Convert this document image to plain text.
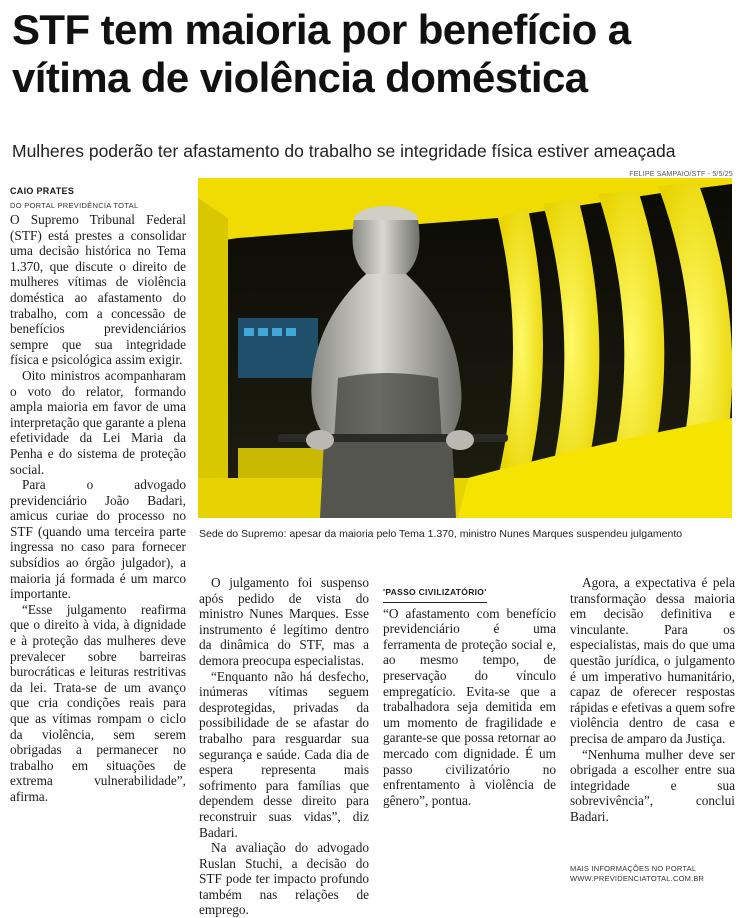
STF tem maioria por benefício a vítima de violência doméstica

Mulheres poderão ter afastamento do trabalho se integridade física estiver ameaçada

CAIO PRATES
DO PORTAL PREVIDÊNCIA TOTAL
FELIPE SAMPAIO/STF - 5/5/25

O Supremo Tribunal Federal (STF) está prestes a consolidar uma decisão histórica no Tema 1.370, que discute o direito de mulheres vítimas de violência doméstica ao afastamento do trabalho, com a concessão de benefícios previdenciários sempre que sua integridade física e psicológica assim exigir.

Oito ministros acompanharam o voto do relator, formando ampla maioria em favor de uma interpretação que garante a plena efetividade da Lei Maria da Penha e do sistema de proteção social.

Para o advogado previdenciário João Badari, amicus curiae do processo no STF (quando uma terceira parte ingressa no caso para fornecer subsídios ao órgão julgador), a maioria já formada é um marco importante.

“Esse julgamento reafirma que o direito à vida, à dignidade e à proteção das mulheres deve prevalecer sobre barreiras burocráticas e leituras restritivas da lei. Trata-se de um avanço que cria condições reais para que as vítimas rompam o ciclo da violência, sem serem obrigadas a permanecer no trabalho em situações de extrema vulnerabilidade”, afirma.

Sede do Supremo: apesar da maioria pelo Tema 1.370, ministro Nunes Marques suspendeu julgamento

O julgamento foi suspenso após pedido de vista do ministro Nunes Marques. Esse instrumento é legítimo dentro da dinâmica do STF, mas a demora preocupa especialistas.

“Enquanto não há desfecho, inúmeras vítimas seguem desprotegidas, privadas da possibilidade de se afastar do trabalho para resguardar sua segurança e saúde. Cada dia de espera representa mais sofrimento para famílias que dependem desse direito para reconstruir suas vidas”, diz Badari.

Na avaliação do advogado Ruslan Stuchi, a decisão do STF pode ter impacto profundo também nas relações de emprego.

'PASSO CIVILIZATÓRIO'

“O afastamento com benefício previdenciário é uma ferramenta de proteção social e, ao mesmo tempo, de preservação do vínculo empregatício. Evita-se que a trabalhadora seja demitida em um momento de fragilidade e garante-se que possa retornar ao mercado com dignidade. É um passo civilizatório no enfrentamento à violência de gênero”, pontua.

Agora, a expectativa é pela transformação dessa maioria em decisão definitiva e vinculante. Para os especialistas, mais do que uma questão jurídica, o julgamento é um imperativo humanitário, capaz de oferecer respostas rápidas e efetivas a quem sofre violência dentro de casa e precisa de amparo da Justiça.

“Nenhuma mulher deve ser obrigada a escolher entre sua integridade e sua sobrevivência”, conclui Badari.

MAIS INFORMAÇÕES NO PORTAL
WWW.PREVIDENCIATOTAL.COM.BR
